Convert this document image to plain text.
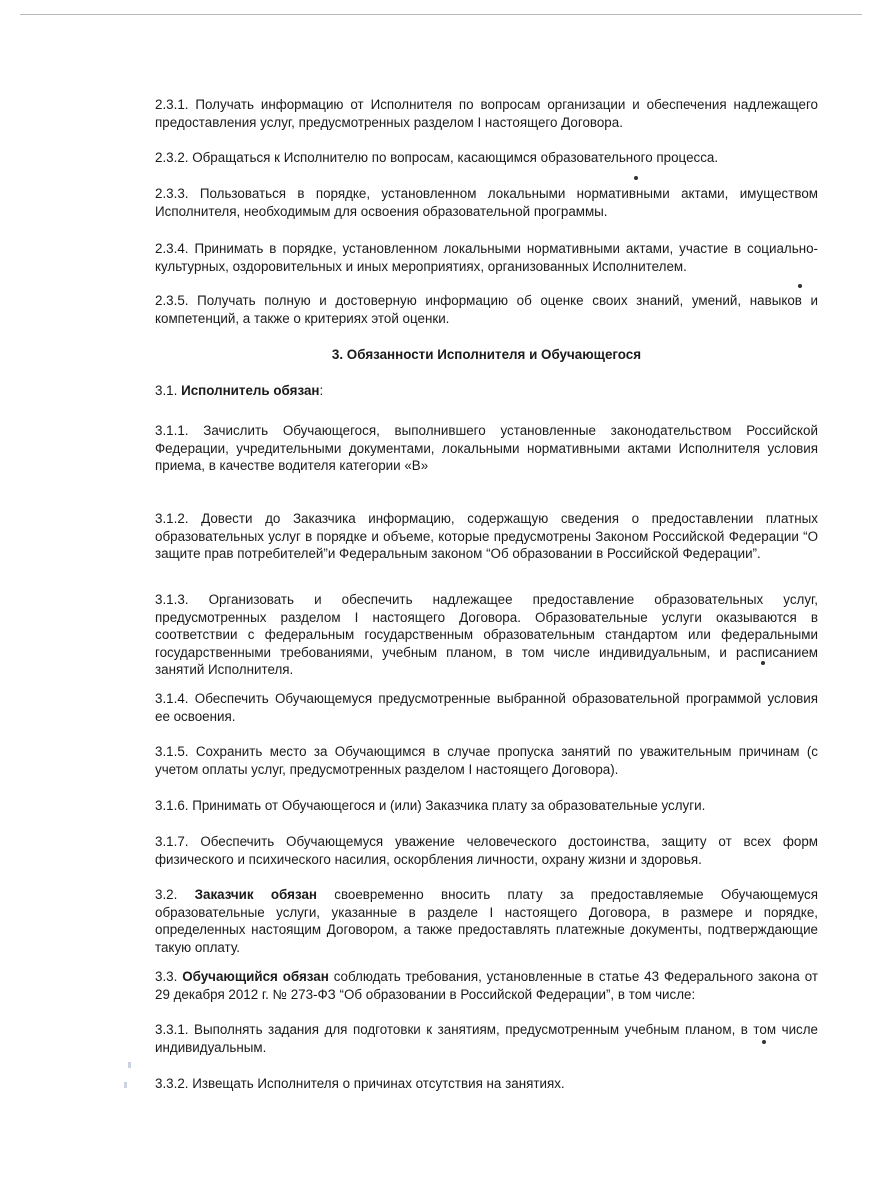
2.3.1. Получать информацию от Исполнителя по вопросам организации и обеспечения надлежащего предоставления услуг, предусмотренных разделом I настоящего Договора.

2.3.2. Обращаться к Исполнителю по вопросам, касающимся образовательного процесса.

2.3.3. Пользоваться в порядке, установленном локальными нормативными актами, имуществом Исполнителя, необходимым для освоения образовательной программы.

2.3.4. Принимать в порядке, установленном локальными нормативными актами, участие в социально-культурных, оздоровительных и иных мероприятиях, организованных Исполнителем.

2.3.5. Получать полную и достоверную информацию об оценке своих знаний, умений, навыков и компетенций, а также о критериях этой оценки.

3. Обязанности Исполнителя и Обучающегося

3.1. Исполнитель обязан:

3.1.1. Зачислить Обучающегося, выполнившего установленные законодательством Российской Федерации, учредительными документами, локальными нормативными актами Исполнителя условия приема, в качестве водителя категории «В»

3.1.2. Довести до Заказчика информацию, содержащую сведения о предоставлении платных образовательных услуг в порядке и объеме, которые предусмотрены Законом Российской Федерации “О защите прав потребителей”и Федеральным законом “Об образовании в Российской Федерации”.

3.1.3. Организовать и обеспечить надлежащее предоставление образовательных услуг, предусмотренных разделом I настоящего Договора. Образовательные услуги оказываются в соответствии с федеральным государственным образовательным стандартом или федеральными государственными требованиями, учебным планом, в том числе индивидуальным, и расписанием занятий Исполнителя.

3.1.4. Обеспечить Обучающемуся предусмотренные выбранной образовательной программой условия ее освоения.

3.1.5. Сохранить место за Обучающимся в случае пропуска занятий по уважительным причинам (с учетом оплаты услуг, предусмотренных разделом I настоящего Договора).

3.1.6. Принимать от Обучающегося и (или) Заказчика плату за образовательные услуги.

3.1.7. Обеспечить Обучающемуся уважение человеческого достоинства, защиту от всех форм физического и психического насилия, оскорбления личности, охрану жизни и здоровья.

3.2. Заказчик обязан своевременно вносить плату за предоставляемые Обучающемуся образовательные услуги, указанные в разделе I настоящего Договора, в размере и порядке, определенных настоящим Договором, а также предоставлять платежные документы, подтверждающие такую оплату.

3.3. Обучающийся обязан соблюдать требования, установленные в статье 43 Федерального закона от 29 декабря 2012 г. № 273-ФЗ “Об образовании в Российской Федерации”, в том числе:

3.3.1. Выполнять задания для подготовки к занятиям, предусмотренным учебным планом, в том числе индивидуальным.

3.3.2. Извещать Исполнителя о причинах отсутствия на занятиях.
